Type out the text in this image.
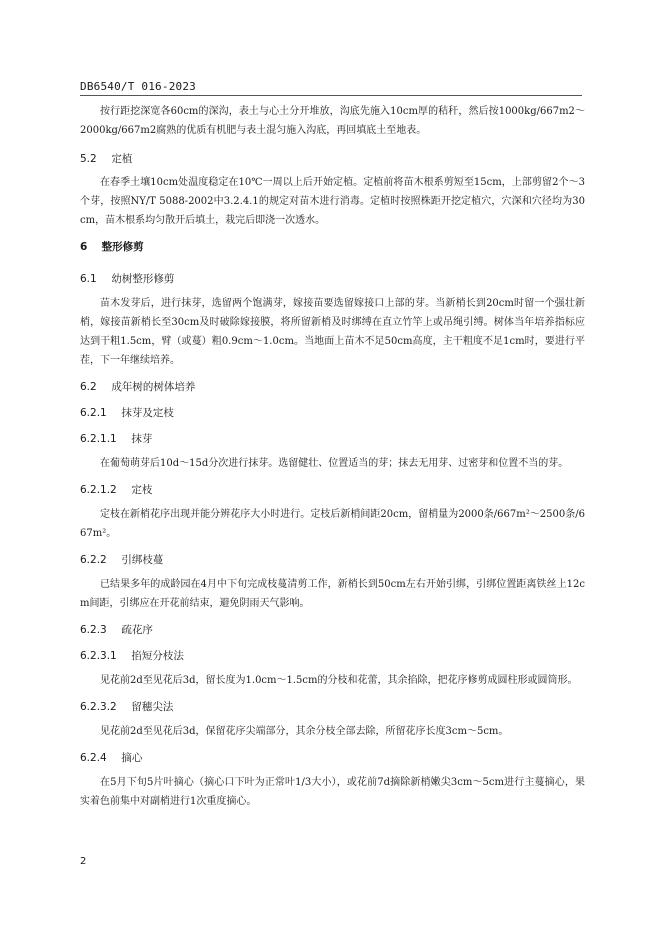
DB6540/T 016-2023

按行距挖深宽各60cm的深沟，表土与心土分开堆放，沟底先施入10cm厚的秸秆，然后按1000kg/667m2～2000kg/667m2腐熟的优质有机肥与表土混匀施入沟底，再回填底土至地表。

5.2 定植

在春季土壤10cm处温度稳定在10℃一周以上后开始定植。定植前将苗木根系剪短至15cm，上部剪留2个～3个芽，按照NY/T 5088-2002中3.2.4.1的规定对苗木进行消毒。定植时按照株距开挖定植穴，穴深和穴径均为30cm，苗木根系均匀散开后填土，栽完后即浇一次透水。

6 整形修剪
6.1 幼树整形修剪

苗木发芽后，进行抹芽，选留两个饱满芽，嫁接苗要选留嫁接口上部的芽。当新梢长到20cm时留一个强壮新梢，嫁接苗新梢长至30cm及时破除嫁接膜，将所留新梢及时绑缚在直立竹竿上或吊绳引缚。树体当年培养指标应达到干粗1.5cm，臂（或蔓）粗0.9cm～1.0cm。当地面上苗木不足50cm高度，主干粗度不足1cm时，要进行平茬，下一年继续培养。

6.2 成年树的树体培养
6.2.1 抹芽及定枝
6.2.1.1 抹芽

在葡萄萌芽后10d～15d分次进行抹芽。选留健壮、位置适当的芽；抹去无用芽、过密芽和位置不当的芽。

6.2.1.2 定枝

定枝在新梢花序出现并能分辨花序大小时进行。定枝后新梢间距20cm，留梢量为2000条/667m²～2500条/667m²。

6.2.2 引绑枝蔓

已结果多年的成龄园在4月中下旬完成枝蔓清剪工作，新梢长到50cm左右开始引绑，引绑位置距离铁丝上12cm间距，引绑应在开花前结束，避免阴雨天气影响。

6.2.3 疏花序
6.2.3.1 掐短分枝法

见花前2d至见花后3d，留长度为1.0cm～1.5cm的分枝和花蕾，其余掐除，把花序修剪成圆柱形或圆筒形。

6.2.3.2 留穗尖法

见花前2d至见花后3d，保留花序尖端部分，其余分枝全部去除，所留花序长度3cm～5cm。

6.2.4 摘心

在5月下旬5片叶摘心（摘心口下叶为正常叶1/3大小），或花前7d摘除新梢嫩尖3cm～5cm进行主蔓摘心，果实着色前集中对副梢进行1次重度摘心。

2
